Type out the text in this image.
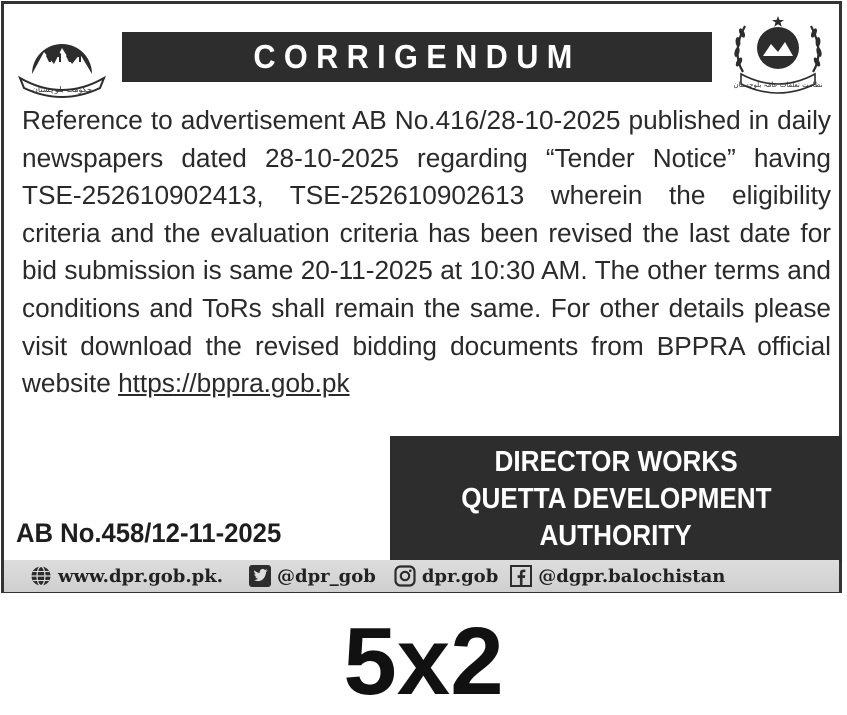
حکومت بلوچستان
CORRIGENDUM
نظامت تعلقات عامہ بلوچستان

Reference to advertisement AB No.416/28-10-2025 published in daily newspapers dated 28-10-2025 regarding “Tender Notice” having TSE-252610902413, TSE-252610902613 wherein the eligibility criteria and the evaluation criteria has been revised the last date for bid submission is same 20-11-2025 at 10:30 AM. The other terms and conditions and ToRs shall remain the same. For other details please visit download the revised bidding documents from BPPRA official website https://bppra.gob.pk

DIRECTOR WORKS
QUETTA DEVELOPMENT
AUTHORITY
AB No.458/12-11-2025
www.dpr.gob.pk.	@dpr_gob	dpr.gob @dgpr.balochistan
5x2
